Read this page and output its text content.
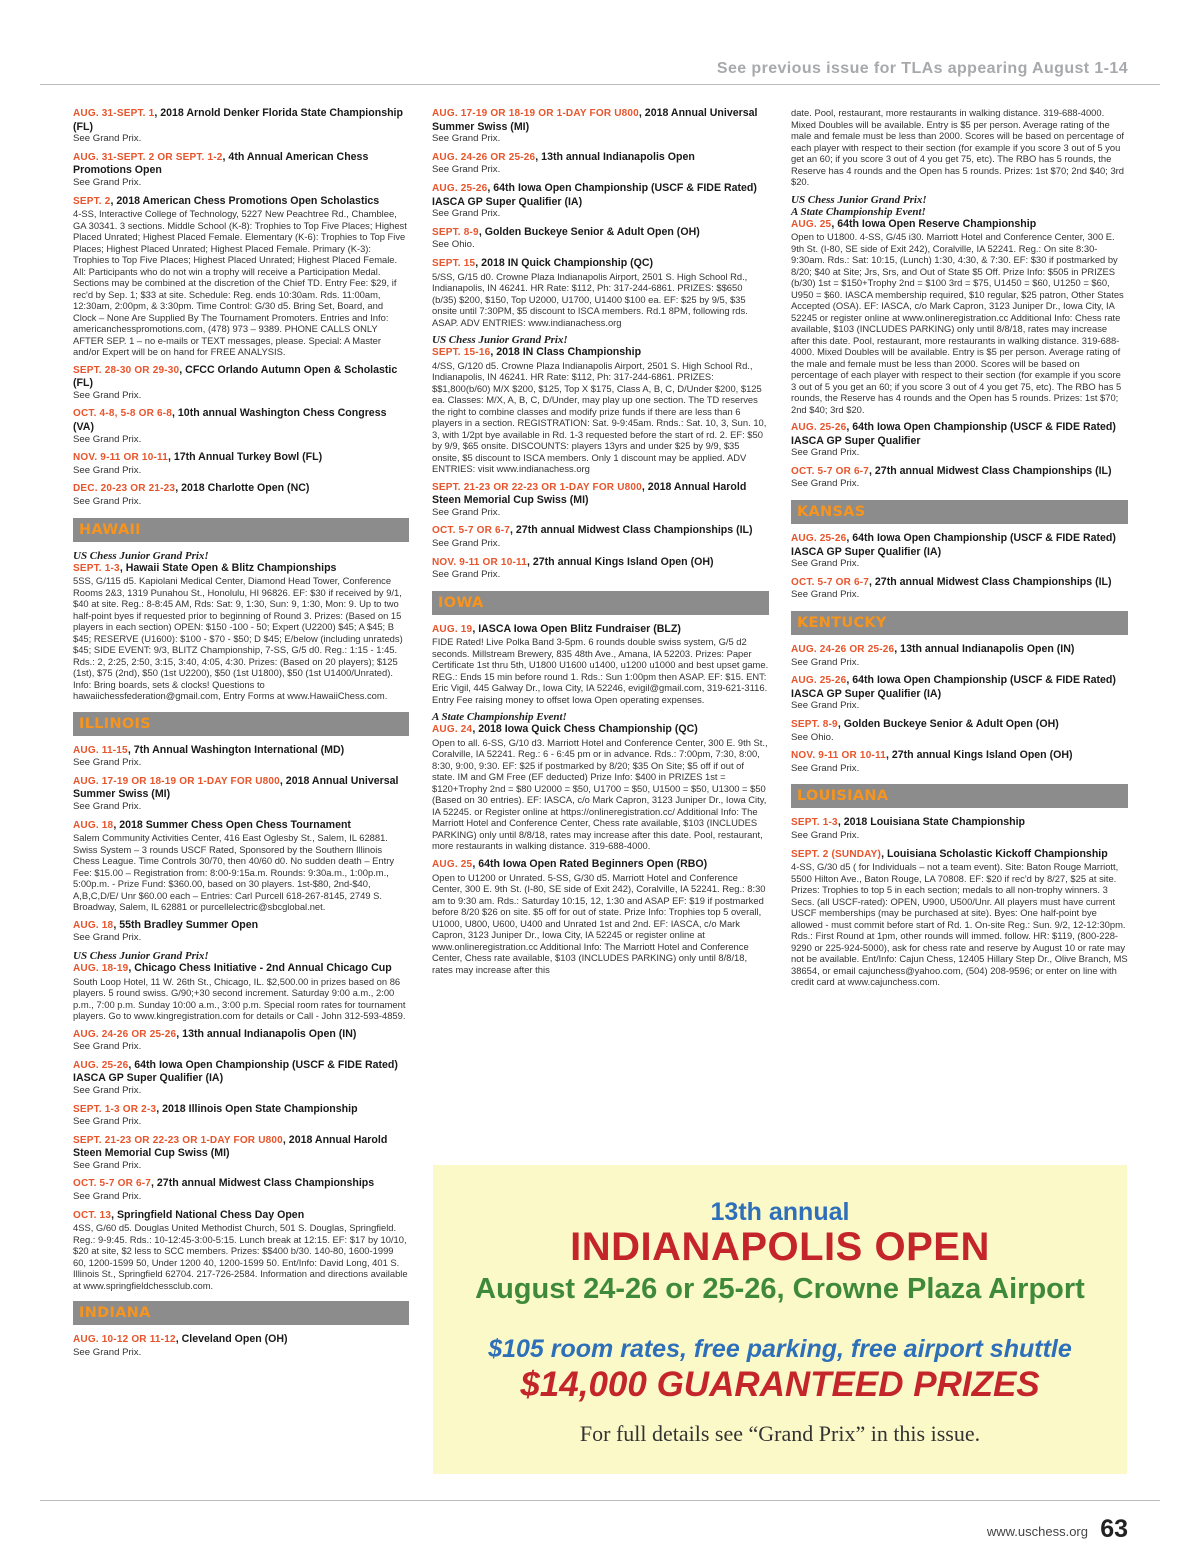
See previous issue for TLAs appearing August 1-14
AUG. 31-SEPT. 1, 2018 Arnold Denker Florida State Championship (FL)
See Grand Prix.
AUG. 31-SEPT. 2 OR SEPT. 1-2, 4th Annual American Chess Promotions Open
See Grand Prix.
SEPT. 2, 2018 American Chess Promotions Open Scholastics
4-SS, Interactive College of Technology, 5227 New Peachtree Rd., Chamblee, GA 30341. 3 sections. Middle School (K-8): Trophies to Top Five Places; Highest Placed Unrated; Highest Placed Female. Elementary (K-6): Trophies to Top Five Places; Highest Placed Unrated; Highest Placed Female. Primary (K-3): Trophies to Top Five Places; Highest Placed Unrated; Highest Placed Female. All: Participants who do not win a trophy will receive a Participation Medal. Sections may be combined at the discretion of the Chief TD. Entry Fee: $29, if rec'd by Sep. 1; $33 at site. Schedule: Reg. ends 10:30am. Rds. 11:00am, 12:30am, 2:00pm, & 3:30pm. Time Control: G/30 d5. Bring Set, Board, and Clock – None Are Supplied By The Tournament Promoters. Entries and Info: americanchesspromotions.com, (478) 973 – 9389. PHONE CALLS ONLY AFTER SEP. 1 – no e-mails or TEXT messages, please. Special: A Master and/or Expert will be on hand for FREE ANALYSIS.
SEPT. 28-30 OR 29-30, CFCC Orlando Autumn Open & Scholastic (FL)
See Grand Prix.
OCT. 4-8, 5-8 OR 6-8, 10th annual Washington Chess Congress (VA)
See Grand Prix.
NOV. 9-11 OR 10-11, 17th Annual Turkey Bowl (FL)
See Grand Prix.
DEC. 20-23 OR 21-23, 2018 Charlotte Open (NC)
See Grand Prix.
HAWAII
US Chess Junior Grand Prix!
SEPT. 1-3, Hawaii State Open & Blitz Championships
5SS, G/115 d5. Kapiolani Medical Center, Diamond Head Tower, Conference Rooms 2&3, 1319 Punahou St., Honolulu, HI 96826. EF: $30 if received by 9/1, $40 at site. Reg.: 8-8:45 AM, Rds: Sat: 9, 1:30, Sun: 9, 1:30, Mon: 9. Up to two half-point byes if requested prior to beginning of Round 3. Prizes: (Based on 15 players in each section) OPEN: $150 -100 - 50; Expert (U2200) $45; A $45; B $45; RESERVE (U1600): $100 - $70 - $50; D $45; E/below (including unrateds) $45; SIDE EVENT: 9/3, BLITZ Championship, 7-SS, G/5 d0. Reg.: 1:15 - 1:45. Rds.: 2, 2:25, 2:50, 3:15, 3:40, 4:05, 4:30. Prizes: (Based on 20 players); $125 (1st), $75 (2nd), $50 (1st U2200), $50 (1st U1800), $50 (1st U1400/Unrated). Info: Bring boards, sets & clocks! Questions to hawaiichessfederation@gmail.com, Entry Forms at www.HawaiiChess.com.
ILLINOIS
AUG. 11-15, 7th Annual Washington International (MD)
See Grand Prix.
AUG. 17-19 OR 18-19 OR 1-DAY FOR U800, 2018 Annual Universal Summer Swiss (MI)
See Grand Prix.
AUG. 18, 2018 Summer Chess Open Chess Tournament
Salem Community Activities Center, 416 East Oglesby St., Salem, IL 62881. Swiss System – 3 rounds USCF Rated, Sponsored by the Southern Illinois Chess League. Time Controls 30/70, then 40/60 d0. No sudden death – Entry Fee: $15.00 – Registration from: 8:00-9:15a.m. Rounds: 9:30a.m., 1:00p.m., 5:00p.m. - Prize Fund: $360.00, based on 30 players. 1st-$80, 2nd-$40, A,B,C,D/E/ Unr $60.00 each – Entries: Carl Purcell 618-267-8145, 2749 S. Broadway, Salem, IL 62881 or purcellelectric@sbcglobal.net.
AUG. 18, 55th Bradley Summer Open
See Grand Prix.
US Chess Junior Grand Prix!
AUG. 18-19, Chicago Chess Initiative - 2nd Annual Chicago Cup
South Loop Hotel, 11 W. 26th St., Chicago, IL. $2,500.00 in prizes based on 86 players. 5 round swiss. G/90;+30 second increment. Saturday 9:00 a.m., 2:00 p.m., 7:00 p.m. Sunday 10:00 a.m., 3:00 p.m. Special room rates for tournament players. Go to www.kingregistration.com for details or Call - John 312-593-4859.
AUG. 24-26 OR 25-26, 13th annual Indianapolis Open (IN)
See Grand Prix.
AUG. 25-26, 64th Iowa Open Championship (USCF & FIDE Rated) IASCA GP Super Qualifier (IA)
See Grand Prix.
SEPT. 1-3 OR 2-3, 2018 Illinois Open State Championship
See Grand Prix.
SEPT. 21-23 OR 22-23 OR 1-DAY FOR U800, 2018 Annual Harold Steen Memorial Cup Swiss (MI)
See Grand Prix.
OCT. 5-7 OR 6-7, 27th annual Midwest Class Championships
See Grand Prix.
OCT. 13, Springfield National Chess Day Open
4SS, G/60 d5. Douglas United Methodist Church, 501 S. Douglas, Springfield. Reg.: 9-9:45. Rds.: 10-12:45-3:00-5:15. Lunch break at 12:15. EF: $17 by 10/10, $20 at site, $2 less to SCC members. Prizes: $$400 b/30. 140-80, 1600-1999 60, 1200-1599 50, Under 1200 40, 1200-1599 50. Ent/Info: David Long, 401 S. Illinois St., Springfield 62704. 217-726-2584. Information and directions available at www.springfieldchessclub.com.
INDIANA
AUG. 10-12 OR 11-12, Cleveland Open (OH)
See Grand Prix.
AUG. 17-19 OR 18-19 OR 1-DAY FOR U800, 2018 Annual Universal Summer Swiss (MI)
See Grand Prix.
AUG. 24-26 OR 25-26, 13th annual Indianapolis Open
See Grand Prix.
AUG. 25-26, 64th Iowa Open Championship (USCF & FIDE Rated) IASCA GP Super Qualifier (IA)
See Grand Prix.
SEPT. 8-9, Golden Buckeye Senior & Adult Open (OH)
See Ohio.
SEPT. 15, 2018 IN Quick Championship (QC)
5/SS, G/15 d0. Crowne Plaza Indianapolis Airport, 2501 S. High School Rd., Indianapolis, IN 46241. HR Rate: $112, Ph: 317-244-6861. PRIZES: $$650 (b/35) $200, $150, Top U2000, U1700, U1400 $100 ea. EF: $25 by 9/5, $35 onsite until 7:30PM, $5 discount to ISCA members. Rd.1 8PM, following rds. ASAP. ADV ENTRIES: www.indianachess.org
US Chess Junior Grand Prix!
SEPT. 15-16, 2018 IN Class Championship
4/SS, G/120 d5. Crowne Plaza Indianapolis Airport, 2501 S. High School Rd., Indianapolis, IN 46241. HR Rate: $112, Ph: 317-244-6861. PRIZES: $$1,800(b/60) M/X $200, $125, Top X $175, Class A, B, C, D/Under $200, $125 ea. Classes: M/X, A, B, C, D/Under, may play up one section. The TD reserves the right to combine classes and modify prize funds if there are less than 6 players in a section. REGISTRATION: Sat. 9-9:45am. Rnds.: Sat. 10, 3, Sun. 10, 3, with 1/2pt bye available in Rd. 1-3 requested before the start of rd. 2. EF: $50 by 9/9, $65 onsite. DISCOUNTS: players 13yrs and under $25 by 9/9, $35 onsite, $5 discount to ISCA members. Only 1 discount may be applied. ADV ENTRIES: visit www.indianachess.org
SEPT. 21-23 OR 22-23 OR 1-DAY FOR U800, 2018 Annual Harold Steen Memorial Cup Swiss (MI)
See Grand Prix.
OCT. 5-7 OR 6-7, 27th annual Midwest Class Championships (IL)
See Grand Prix.
NOV. 9-11 OR 10-11, 27th annual Kings Island Open (OH)
See Grand Prix.
IOWA
AUG. 19, IASCA Iowa Open Blitz Fundraiser (BLZ)
FIDE Rated! Live Polka Band 3-5pm. 6 rounds double swiss system, G/5 d2 seconds. Millstream Brewery, 835 48th Ave., Amana, IA 52203. Prizes: Paper Certificate 1st thru 5th, U1800 U1600 u1400, u1200 u1000 and best upset game. REG.: Ends 15 min before round 1. Rds.: Sun 1:00pm then ASAP. EF: $15. ENT: Eric Vigil, 445 Galway Dr., Iowa City, IA 52246, evigil@gmail.com, 319-621-3116. Entry Fee raising money to offset Iowa Open operating expenses.
A State Championship Event!
AUG. 24, 2018 Iowa Quick Chess Championship (QC)
Open to all. 6-SS, G/10 d3. Marriott Hotel and Conference Center, 300 E. 9th St., Coralville, IA 52241. Reg.: 6 - 6:45 pm or in advance. Rds.: 7:00pm, 7:30, 8:00, 8:30, 9:00, 9:30. EF: $25 if postmarked by 8/20; $35 On Site; $5 off if out of state. IM and GM Free (EF deducted) Prize Info: $400 in PRIZES 1st = $120+Trophy 2nd = $80 U2000 = $50, U1700 = $50, U1500 = $50, U1300 = $50 (Based on 30 entries). EF: IASCA, c/o Mark Capron, 3123 Juniper Dr., Iowa City, IA 52245. or Register online at https://onlineregistration.cc/ Additional Info: The Marriott Hotel and Conference Center, Chess rate available, $103 (INCLUDES PARKING) only until 8/8/18, rates may increase after this date. Pool, restaurant, more restaurants in walking distance. 319-688-4000.
AUG. 25, 64th Iowa Open Rated Beginners Open (RBO)
Open to U1200 or Unrated. 5-SS, G/30 d5. Marriott Hotel and Conference Center, 300 E. 9th St. (I-80, SE side of Exit 242), Coralville, IA 52241. Reg.: 8:30 am to 9:30 am. Rds.: Saturday 10:15, 12, 1:30 and ASAP EF: $19 if postmarked before 8/20 $26 on site. $5 off for out of state. Prize Info: Trophies top 5 overall, U1000, U800, U600, U400 and Unrated 1st and 2nd. EF: IASCA, c/o Mark Capron, 3123 Juniper Dr., Iowa City, IA 52245 or register online at www.onlineregistration.cc Additional Info: The Marriott Hotel and Conference Center, Chess rate available, $103 (INCLUDES PARKING) only until 8/8/18, rates may increase after this
date. Pool, restaurant, more restaurants in walking distance. 319-688-4000. Mixed Doubles will be available. Entry is $5 per person. Average rating of the male and female must be less than 2000. Scores will be based on percentage of each player with respect to their section (for example if you score 3 out of 5 you get an 60; if you score 3 out of 4 you get 75, etc). The RBO has 5 rounds, the Reserve has 4 rounds and the Open has 5 rounds. Prizes: 1st $70; 2nd $40; 3rd $20.
US Chess Junior Grand Prix!
A State Championship Event!
AUG. 25, 64th Iowa Open Reserve Championship
Open to U1800. 4-SS, G/45 i30. Marriott Hotel and Conference Center, 300 E. 9th St. (I-80, SE side of Exit 242), Coralville, IA 52241. Reg.: On site 8:30-9:30am. Rds.: Sat: 10:15, (Lunch) 1:30, 4:30, & 7:30. EF: $30 if postmarked by 8/20; $40 at Site; Jrs, Srs, and Out of State $5 Off. Prize Info: $505 in PRIZES (b/30) 1st = $150+Trophy 2nd = $100 3rd = $75, U1450 = $60, U1250 = $60, U950 = $60. IASCA membership required, $10 regular, $25 patron, Other States Accepted (OSA). EF: IASCA, c/o Mark Capron, 3123 Juniper Dr., Iowa City, IA 52245 or register online at www.onlineregistration.cc Additional Info: Chess rate available, $103 (INCLUDES PARKING) only until 8/8/18, rates may increase after this date. Pool, restaurant, more restaurants in walking distance. 319-688- 4000. Mixed Doubles will be available. Entry is $5 per person. Average rating of the male and female must be less than 2000. Scores will be based on percentage of each player with respect to their section (for example if you score 3 out of 5 you get an 60; if you score 3 out of 4 you get 75, etc). The RBO has 5 rounds, the Reserve has 4 rounds and the Open has 5 rounds. Prizes: 1st $70; 2nd $40; 3rd $20.
AUG. 25-26, 64th Iowa Open Championship (USCF & FIDE Rated) IASCA GP Super Qualifier
See Grand Prix.
OCT. 5-7 OR 6-7, 27th annual Midwest Class Championships (IL)
See Grand Prix.
KANSAS
AUG. 25-26, 64th Iowa Open Championship (USCF & FIDE Rated) IASCA GP Super Qualifier (IA)
See Grand Prix.
OCT. 5-7 OR 6-7, 27th annual Midwest Class Championships (IL)
See Grand Prix.
KENTUCKY
AUG. 24-26 OR 25-26, 13th annual Indianapolis Open (IN)
See Grand Prix.
AUG. 25-26, 64th Iowa Open Championship (USCF & FIDE Rated) IASCA GP Super Qualifier (IA)
See Grand Prix.
SEPT. 8-9, Golden Buckeye Senior & Adult Open (OH)
See Ohio.
NOV. 9-11 OR 10-11, 27th annual Kings Island Open (OH)
See Grand Prix.
LOUISIANA
SEPT. 1-3, 2018 Louisiana State Championship
See Grand Prix.
SEPT. 2 (SUNDAY), Louisiana Scholastic Kickoff Championship
4-SS, G/30 d5 ( for Individuals – not a team event). Site: Baton Rouge Marriott, 5500 Hilton Ave., Baton Rouge, LA 70808. EF: $20 if rec'd by 8/27, $25 at site. Prizes: Trophies to top 5 in each section; medals to all non-trophy winners. 3 Secs. (all USCF-rated): OPEN, U900, U500/Unr. All players must have current USCF memberships (may be purchased at site). Byes: One half-point bye allowed - must commit before start of Rd. 1. On-site Reg.: Sun. 9/2, 12-12:30pm. Rds.: First Round at 1pm, other rounds will immed. follow. HR: $119, (800-228-9290 or 225-924-5000), ask for chess rate and reserve by August 10 or rate may not be available. Ent/Info: Cajun Chess, 12405 Hillary Step Dr., Olive Branch, MS 38654, or email cajunchess@yahoo.com, (504) 208-9596; or enter on line with credit card at www.cajunchess.com.
13th annual
INDIANAPOLIS OPEN
August 24-26 or 25-26, Crowne Plaza Airport
$105 room rates, free parking, free airport shuttle
$14,000 GUARANTEED PRIZES
For full details see “Grand Prix” in this issue.
www.uschess.org 63
